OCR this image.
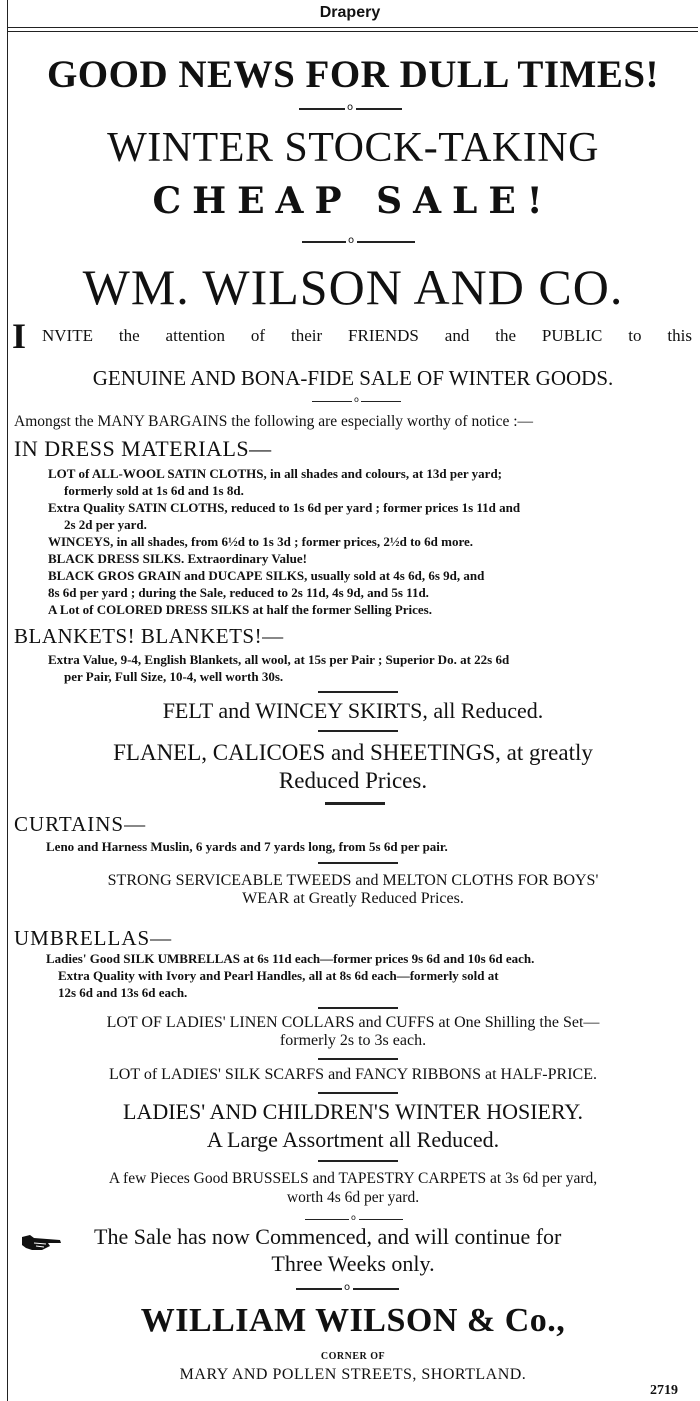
Drapery
GOOD NEWS FOR DULL TIMES!
o
WINTER STOCK-TAKING
CHEAP SALE!
o
WM. WILSON AND CO.
I NVITE the attention of their FRIENDS and the PUBLIC to this
GENUINE AND BONA-FIDE SALE OF WINTER GOODS.
o
Amongst the MANY BARGAINS the following are especially worthy of notice :—
IN DRESS MATERIALS—
LOT of ALL-WOOL SATIN CLOTHS, in all shades and colours, at 13d per yard;
formerly sold at 1s 6d and 1s 8d.
Extra Quality SATIN CLOTHS, reduced to 1s 6d per yard ; former prices 1s 11d and
2s 2d per yard.
WINCEYS, in all shades, from 6½d to 1s 3d ; former prices, 2½d to 6d more.
BLACK DRESS SILKS. Extraordinary Value!
BLACK GROS GRAIN and DUCAPE SILKS, usually sold at 4s 6d, 6s 9d, and
8s 6d per yard ; during the Sale, reduced to 2s 11d, 4s 9d, and 5s 11d.
A Lot of COLORED DRESS SILKS at half the former Selling Prices.
BLANKETS! BLANKETS!—
Extra Value, 9-4, English Blankets, all wool, at 15s per Pair ; Superior Do. at 22s 6d
per Pair, Full Size, 10-4, well worth 30s.
FELT and WINCEY SKIRTS, all Reduced.
FLANEL, CALICOES and SHEETINGS, at greatly
Reduced Prices.
CURTAINS—
Leno and Harness Muslin, 6 yards and 7 yards long, from 5s 6d per pair.
STRONG SERVICEABLE TWEEDS and MELTON CLOTHS FOR BOYS'
WEAR at Greatly Reduced Prices.
UMBRELLAS—
Ladies' Good SILK UMBRELLAS at 6s 11d each—former prices 9s 6d and 10s 6d each.
Extra Quality with Ivory and Pearl Handles, all at 8s 6d each—formerly sold at
12s 6d and 13s 6d each.
LOT OF LADIES' LINEN COLLARS and CUFFS at One Shilling the Set—
formerly 2s to 3s each.
LOT of LADIES' SILK SCARFS and FANCY RIBBONS at HALF-PRICE.
LADIES' AND CHILDREN'S WINTER HOSIERY.
A Large Assortment all Reduced.
A few Pieces Good BRUSSELS and TAPESTRY CARPETS at 3s 6d per yard,
worth 4s 6d per yard.
o
The Sale has now Commenced, and will continue for
Three Weeks only.
o
WILLIAM WILSON & Co.,
CORNER OF
MARY AND POLLEN STREETS, SHORTLAND.
2719
